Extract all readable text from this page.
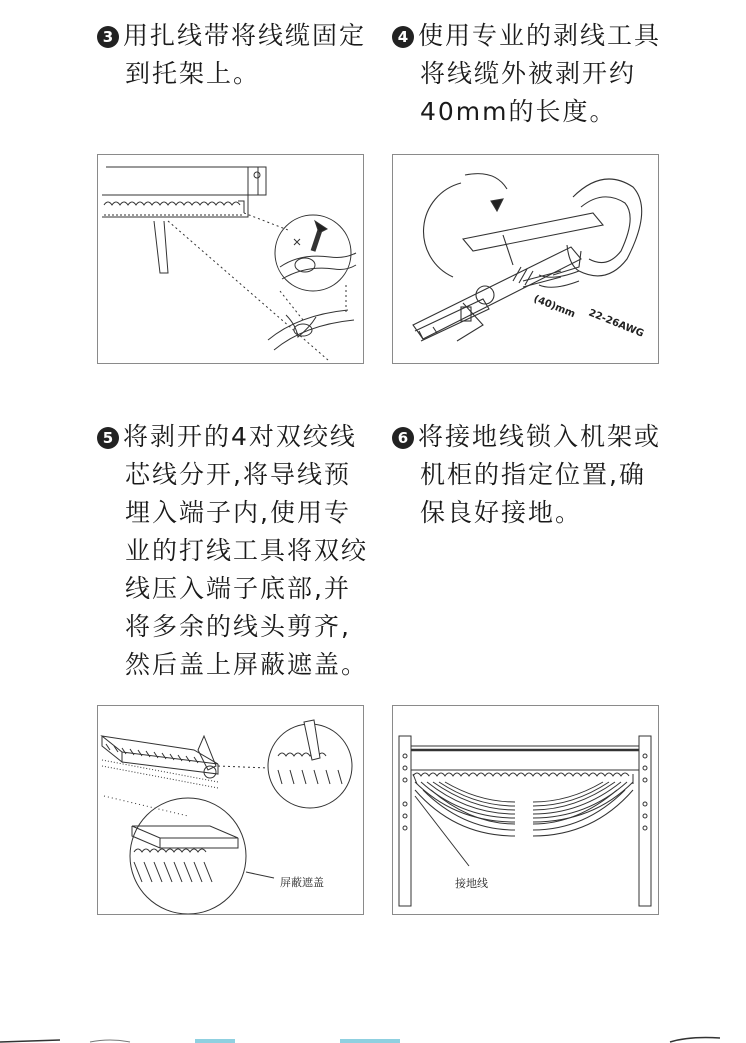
3 用扎线带将线缆固定
到托架上。
4 使用专业的剥线工具
将线缆外被剥开约
40mm的长度。
(40)mm
22-26AWG
5 将剥开的4对双绞线
芯线分开,将导线预
埋入端子内,使用专
业的打线工具将双绞
线压入端子底部,并
将多余的线头剪齐,
然后盖上屏蔽遮盖。
6 将接地线锁入机架或
机柜的指定位置,确
保良好接地。
屏蔽遮盖	接地线
